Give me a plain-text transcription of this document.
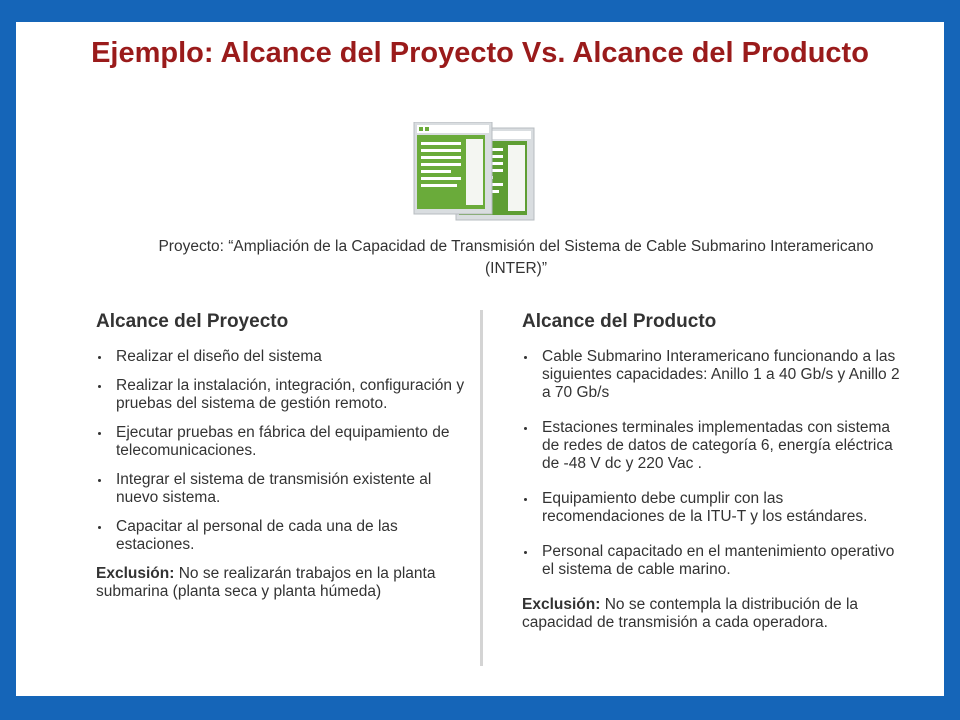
Ejemplo: Alcance del Proyecto Vs. Alcance del Producto
Proyecto: “Ampliación de la Capacidad de Transmisión del Sistema de Cable Submarino Interamericano (INTER)”
Alcance del Proyecto
Realizar el diseño del sistema
Realizar la instalación, integración, configuración y pruebas del sistema de gestión remoto.
Ejecutar pruebas en fábrica del equipamiento de telecomunicaciones.
Integrar el sistema de transmisión existente al nuevo sistema.
Capacitar al personal de cada una de las estaciones.
Exclusión: No se realizarán trabajos en la planta submarina (planta seca y planta húmeda)
Alcance del Producto
Cable Submarino Interamericano funcionando a las siguientes capacidades: Anillo 1 a 40 Gb/s y Anillo 2 a 70 Gb/s
Estaciones terminales implementadas con sistema de redes de datos de categoría 6, energía eléctrica de -48 V dc y 220 Vac .
Equipamiento debe cumplir con las recomendaciones de la ITU-T y los estándares.
Personal capacitado en el mantenimiento operativo el sistema de cable marino.
Exclusión: No se contempla la distribución de la capacidad de transmisión a cada operadora.
